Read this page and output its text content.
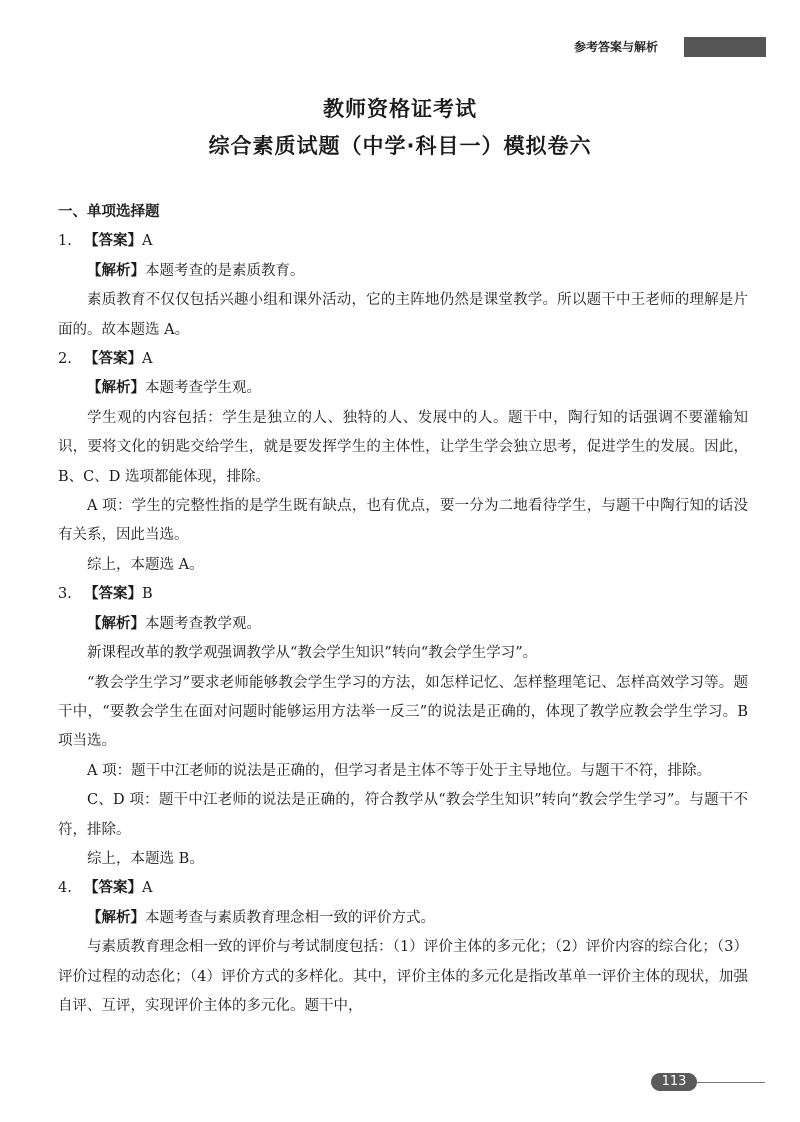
参考答案与解析
教师资格证考试
综合素质试题（中学·科目一）模拟卷六

一、单项选择题

1. 【答案】A

【解析】本题考查的是素质教育。

素质教育不仅仅包括兴趣小组和课外活动，它的主阵地仍然是课堂教学。所以题干中王老师的理解是片面的。故本题选 A。

2. 【答案】A

【解析】本题考查学生观。

学生观的内容包括：学生是独立的人、独特的人、发展中的人。题干中，陶行知的话强调不要灌输知识，要将文化的钥匙交给学生，就是要发挥学生的主体性，让学生学会独立思考，促进学生的发展。因此，B、C、D 选项都能体现，排除。

A 项：学生的完整性指的是学生既有缺点，也有优点，要一分为二地看待学生，与题干中陶行知的话没有关系，因此当选。

综上，本题选 A。

3. 【答案】B

【解析】本题考查教学观。

新课程改革的教学观强调教学从“教会学生知识”转向“教会学生学习”。

“教会学生学习”要求老师能够教会学生学习的方法，如怎样记忆、怎样整理笔记、怎样高效学习等。题干中，“要教会学生在面对问题时能够运用方法举一反三”的说法是正确的，体现了教学应教会学生学习。B 项当选。

A 项：题干中江老师的说法是正确的，但学习者是主体不等于处于主导地位。与题干不符，排除。

C、D 项：题干中江老师的说法是正确的，符合教学从“教会学生知识”转向“教会学生学习”。与题干不符，排除。

综上，本题选 B。

4. 【答案】A

【解析】本题考查与素质教育理念相一致的评价方式。

与素质教育理念相一致的评价与考试制度包括：（1）评价主体的多元化；（2）评价内容的综合化；（3）评价过程的动态化；（4）评价方式的多样化。其中，评价主体的多元化是指改革单一评价主体的现状，加强自评、互评，实现评价主体的多元化。题干中，

113
